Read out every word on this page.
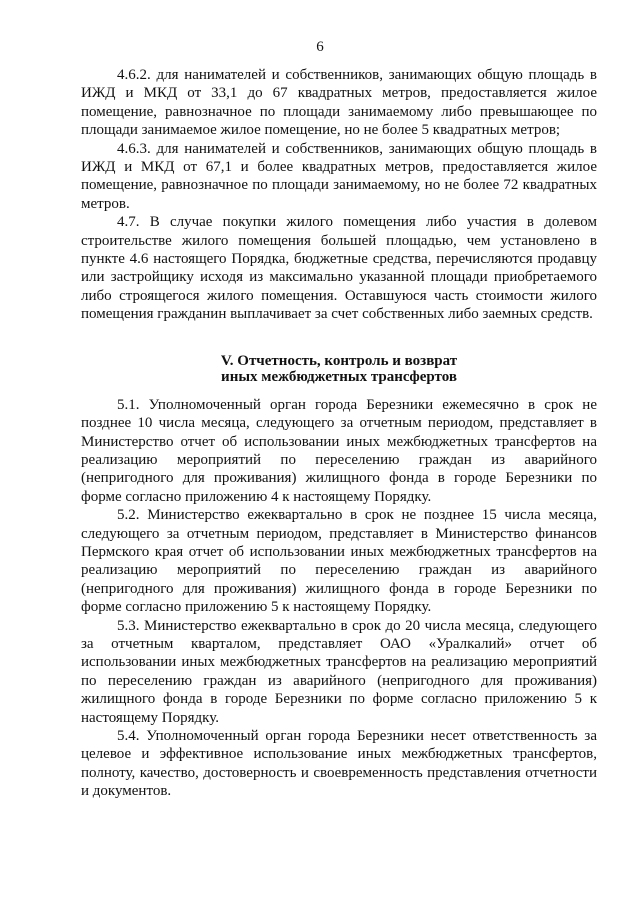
6

4.6.2. для нанимателей и собственников, занимающих общую площадь в ИЖД и МКД от 33,1 до 67 квадратных метров, предоставляется жилое помещение, равнозначное по площади занимаемому либо превышающее по площади занимаемое жилое помещение, но не более 5 квадратных метров;

4.6.3. для нанимателей и собственников, занимающих общую площадь в ИЖД и МКД от 67,1 и более квадратных метров, предоставляется жилое помещение, равнозначное по площади занимаемому, но не более 72 квадратных метров.

4.7. В случае покупки жилого помещения либо участия в долевом строительстве жилого помещения большей площадью, чем установлено в пункте 4.6 настоящего Порядка, бюджетные средства, перечисляются продавцу или застройщику исходя из максимально указанной площади приобретаемого либо строящегося жилого помещения. Оставшуюся часть стоимости жилого помещения гражданин выплачивает за счет собственных либо заемных средств.

V. Отчетность, контроль и возврат
иных межбюджетных трансфертов

5.1. Уполномоченный орган города Березники ежемесячно в срок не позднее 10 числа месяца, следующего за отчетным периодом, представляет в Министерство отчет об использовании иных межбюджетных трансфертов на реализацию мероприятий по переселению граждан из аварийного (непригодного для проживания) жилищного фонда в городе Березники по форме согласно приложению 4 к настоящему Порядку.

5.2. Министерство ежеквартально в срок не позднее 15 числа месяца, следующего за отчетным периодом, представляет в Министерство финансов Пермского края отчет об использовании иных межбюджетных трансфертов на реализацию мероприятий по переселению граждан из аварийного (непригодного для проживания) жилищного фонда в городе Березники по форме согласно приложению 5 к настоящему Порядку.

5.3. Министерство ежеквартально в срок до 20 числа месяца, следующего за отчетным кварталом, представляет ОАО «Уралкалий» отчет об использовании иных межбюджетных трансфертов на реализацию мероприятий по переселению граждан из аварийного (непригодного для проживания) жилищного фонда в городе Березники по форме согласно приложению 5 к настоящему Порядку.

5.4. Уполномоченный орган города Березники несет ответственность за целевое и эффективное использование иных межбюджетных трансфертов, полноту, качество, достоверность и своевременность представления отчетности и документов.
